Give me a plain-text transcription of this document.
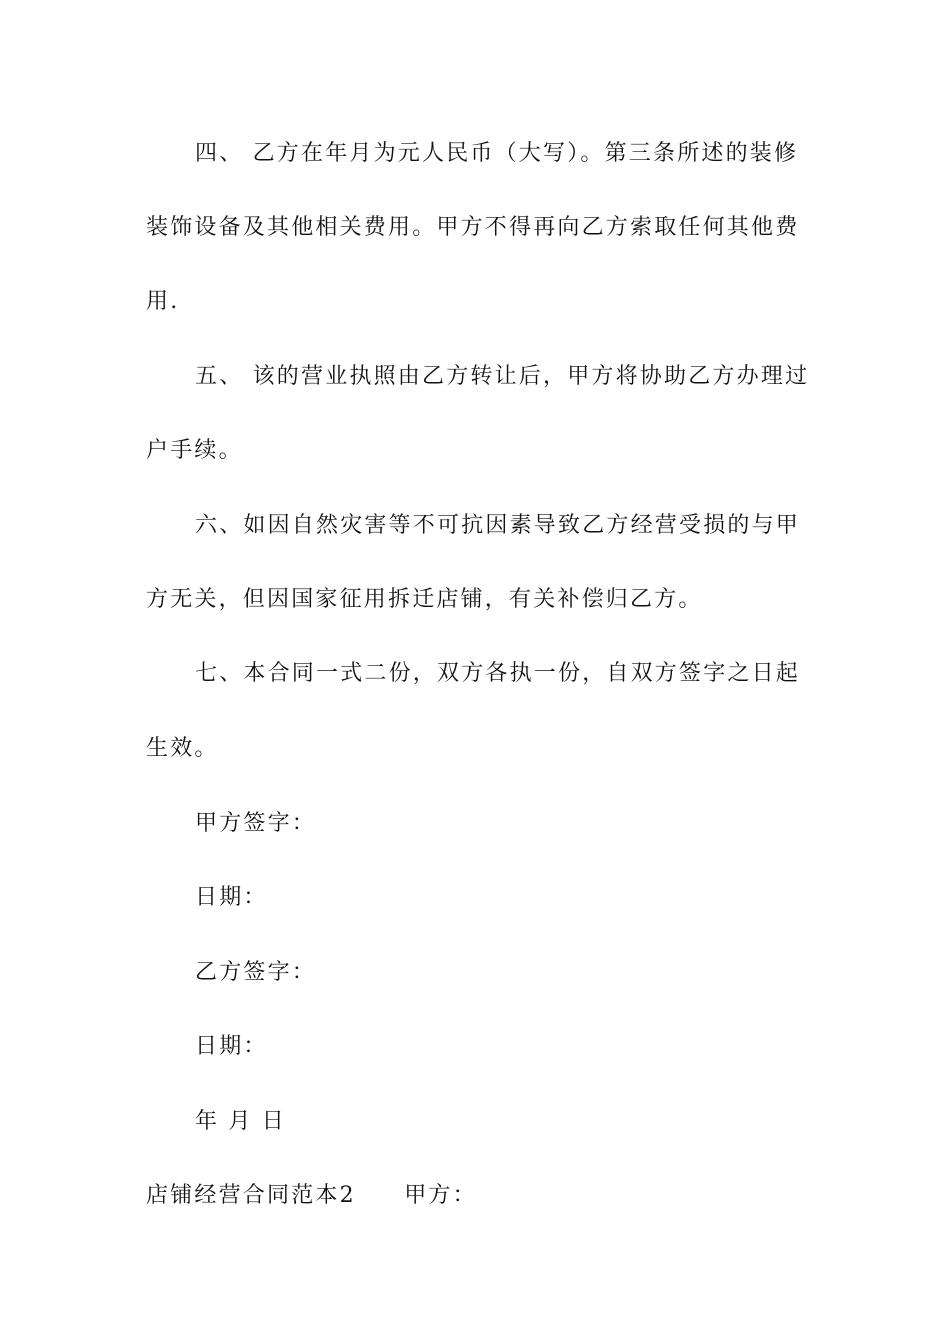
四、 乙方在年月为元人民币（大写）。第三条所述的装修
装饰设备及其他相关费用。甲方不得再向乙方索取任何其他费
用.
五、 该的营业执照由乙方转让后，甲方将协助乙方办理过
户手续。
六、如因自然灾害等不可抗因素导致乙方经营受损的与甲
方无关，但因国家征用拆迁店铺，有关补偿归乙方。
七、本合同一式二份，双方各执一份，自双方签字之日起
生效。
甲方签字：
日期：
乙方签字：
日期：
年 月 日
店铺经营合同范本2　　甲方：
